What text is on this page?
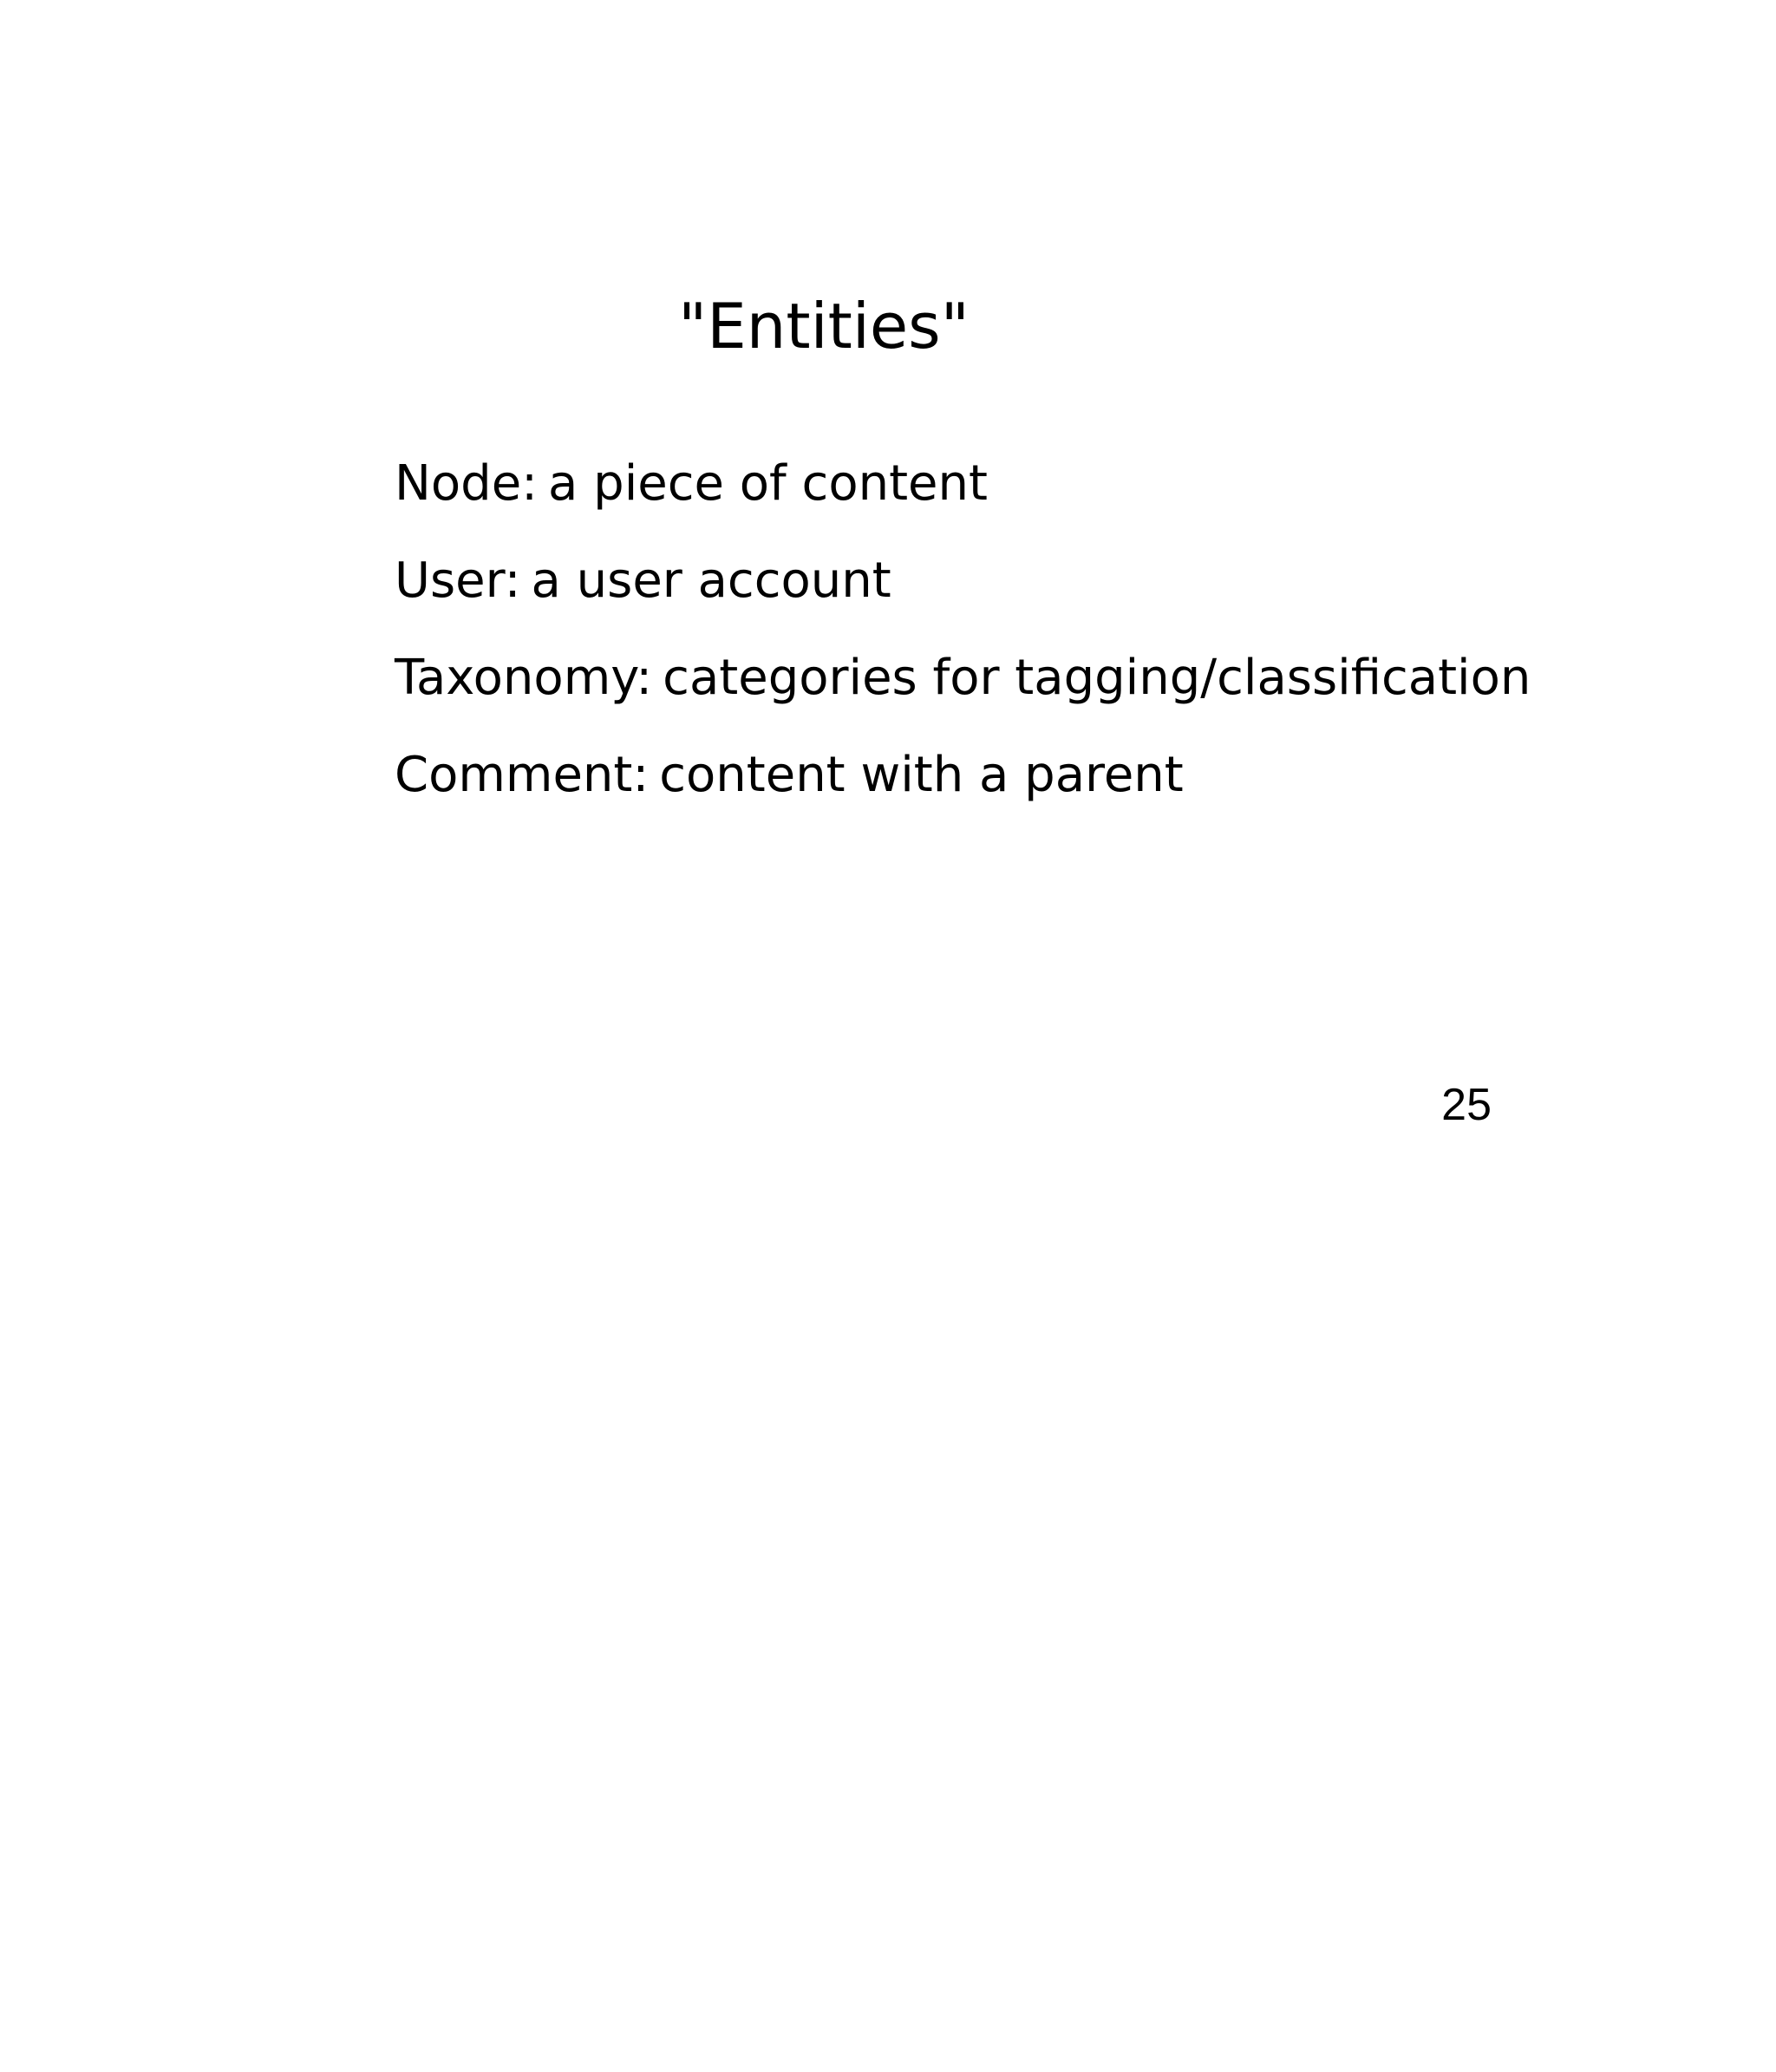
"Entities"
Node: a piece of content
User: a user account
Taxonomy: categories for tagging/classification
Comment: content with a parent
25
